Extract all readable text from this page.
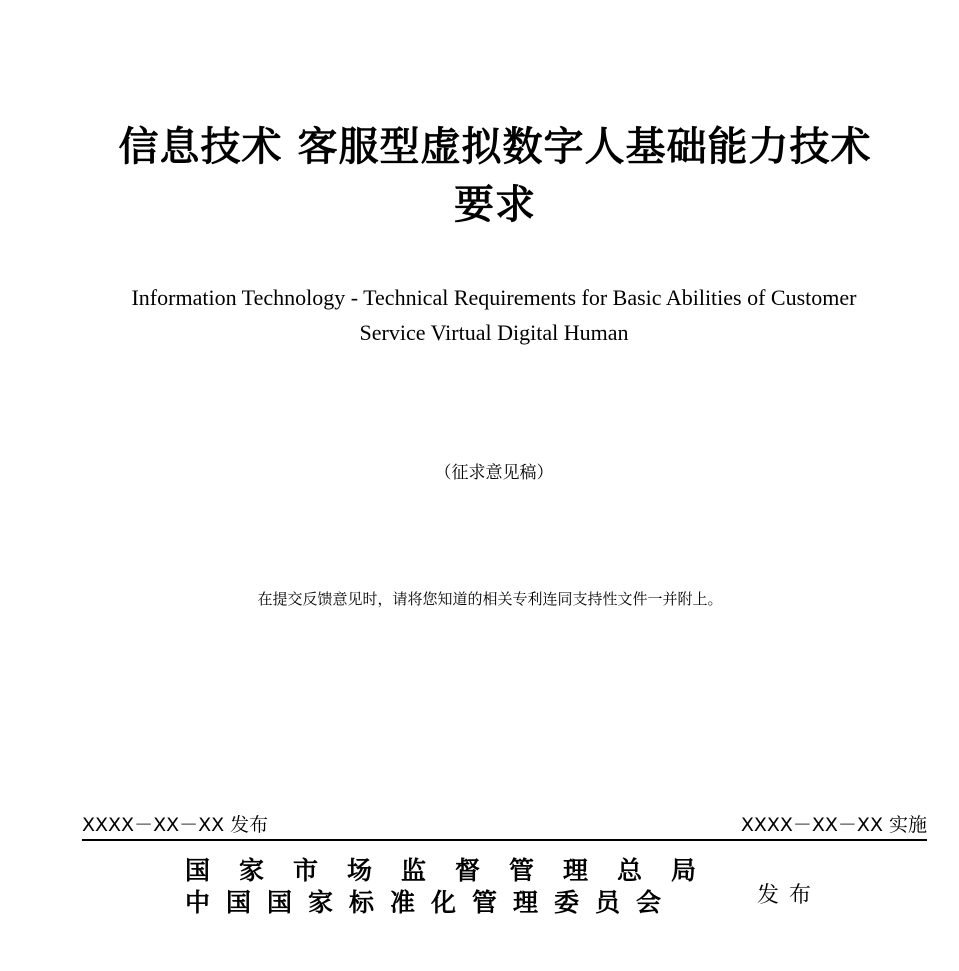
信息技术 客服型虚拟数字人基础能力技术
要求
Information Technology - Technical Requirements for Basic Abilities of Customer
Service Virtual Digital Human
（征求意见稿）
在提交反馈意见时，请将您知道的相关专利连同支持性文件一并附上。
XXXX－XX－XX 发布	XXXX－XX－XX 实施
国家市场监督管理总局
中国国家标准化管理委员会	发布
